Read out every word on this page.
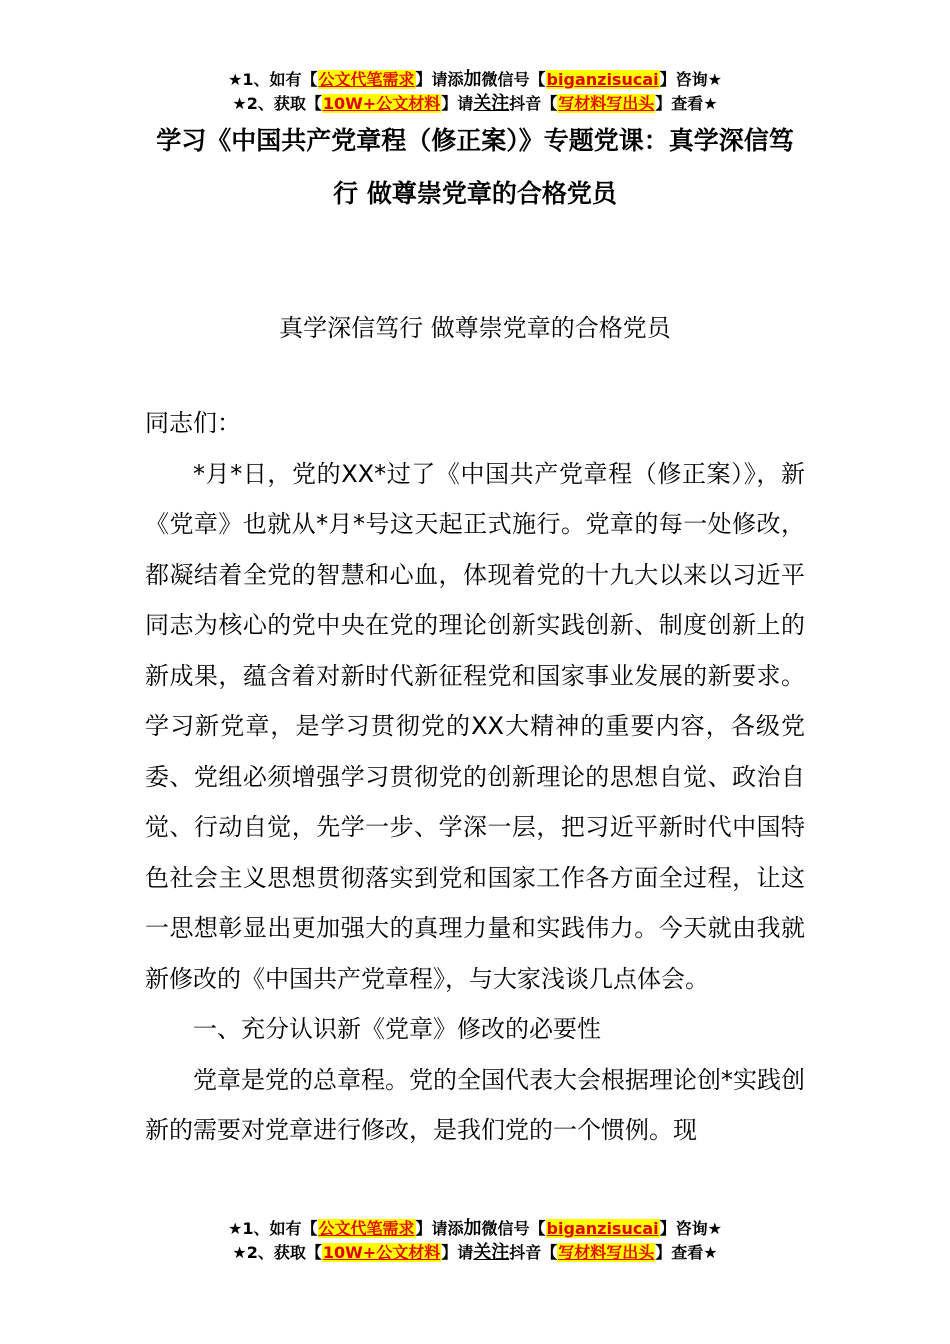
★1、如有【公文代笔需求】请添加微信号【biganzisucai】咨询★
★2、获取【10W+公文材料】请关注抖音【写材料写出头】查看★
学习《中国共产党章程（修正案）》专题党课：真学深信笃行 做尊崇党章的合格党员
真学深信笃行 做尊崇党章的合格党员

同志们：

*月*日，党的XX*过了《中国共产党章程（修正案）》，新《党章》也就从*月*号这天起正式施行。党章的每一处修改，都凝结着全党的智慧和心血，体现着党的十九大以来以习近平同志为核心的党中央在党的理论创新实践创新、制度创新上的新成果，蕴含着对新时代新征程党和国家事业发展的新要求。学习新党章，是学习贯彻党的XX大精神的重要内容，各级党委、党组必须增强学习贯彻党的创新理论的思想自觉、政治自觉、行动自觉，先学一步、学深一层，把习近平新时代中国特色社会主义思想贯彻落实到党和国家工作各方面全过程，让这一思想彰显出更加强大的真理力量和实践伟力。今天就由我就新修改的《中国共产党章程》，与大家浅谈几点体会。

一、充分认识新《党章》修改的必要性

党章是党的总章程。党的全国代表大会根据理论创*实践创新的需要对党章进行修改，是我们党的一个惯例。现

★1、如有【公文代笔需求】请添加微信号【biganzisucai】咨询★
★2、获取【10W+公文材料】请关注抖音【写材料写出头】查看★
